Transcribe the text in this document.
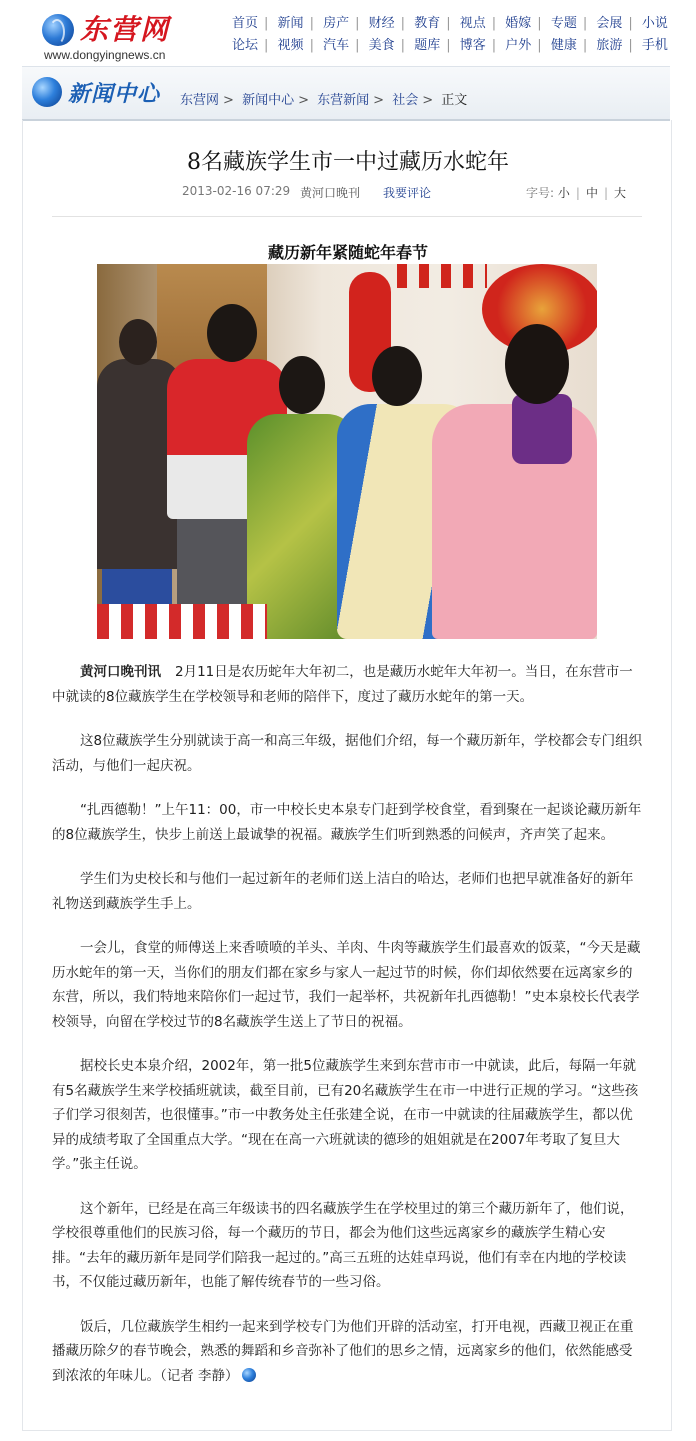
东营网
www.dongyingnews.cn
首页 | 新闻 | 房产 | 财经 | 教育 | 视点 | 婚嫁 | 专题 | 会展 | 小说
论坛 | 视频 | 汽车 | 美食 | 题库 | 博客 | 户外 | 健康 | 旅游 | 手机
新闻中心 东营网 > 新闻中心 > 东营新闻 > 社会 > 正文
8名藏族学生市一中过藏历水蛇年
2013-02-16 07:29 黄河口晚刊 我要评论	字号: 小 | 中 | 大
藏历新年紧随蛇年春节

黄河口晚刊讯 2月11日是农历蛇年大年初二，也是藏历水蛇年大年初一。当日，在东营市一中就读的8位藏族学生在学校领导和老师的陪伴下，度过了藏历水蛇年的第一天。

这8位藏族学生分别就读于高一和高三年级，据他们介绍，每一个藏历新年，学校都会专门组织活动，与他们一起庆祝。

“扎西德勒！”上午11：00，市一中校长史本泉专门赶到学校食堂，看到聚在一起谈论藏历新年的8位藏族学生，快步上前送上最诚挚的祝福。藏族学生们听到熟悉的问候声，齐声笑了起来。

学生们为史校长和与他们一起过新年的老师们送上洁白的哈达，老师们也把早就准备好的新年礼物送到藏族学生手上。

一会儿，食堂的师傅送上来香喷喷的羊头、羊肉、牛肉等藏族学生们最喜欢的饭菜，“今天是藏历水蛇年的第一天，当你们的朋友们都在家乡与家人一起过节的时候，你们却依然要在远离家乡的东营，所以，我们特地来陪你们一起过节，我们一起举杯，共祝新年扎西德勒！”史本泉校长代表学校领导，向留在学校过节的8名藏族学生送上了节日的祝福。

据校长史本泉介绍，2002年，第一批5位藏族学生来到东营市市一中就读，此后，每隔一年就有5名藏族学生来学校插班就读，截至目前，已有20名藏族学生在市一中进行正规的学习。“这些孩子们学习很刻苦，也很懂事。”市一中教务处主任张建全说，在市一中就读的往届藏族学生，都以优异的成绩考取了全国重点大学。“现在在高一六班就读的德珍的姐姐就是在2007年考取了复旦大学。”张主任说。

这个新年，已经是在高三年级读书的四名藏族学生在学校里过的第三个藏历新年了，他们说，学校很尊重他们的民族习俗，每一个藏历的节日，都会为他们这些远离家乡的藏族学生精心安排。“去年的藏历新年是同学们陪我一起过的。”高三五班的达娃卓玛说，他们有幸在内地的学校读书，不仅能过藏历新年，也能了解传统春节的一些习俗。

饭后，几位藏族学生相约一起来到学校专门为他们开辟的活动室，打开电视，西藏卫视正在重播藏历除夕的春节晚会，熟悉的舞蹈和乡音弥补了他们的思乡之情，远离家乡的他们，依然能感受到浓浓的年味儿。（记者 李静）
